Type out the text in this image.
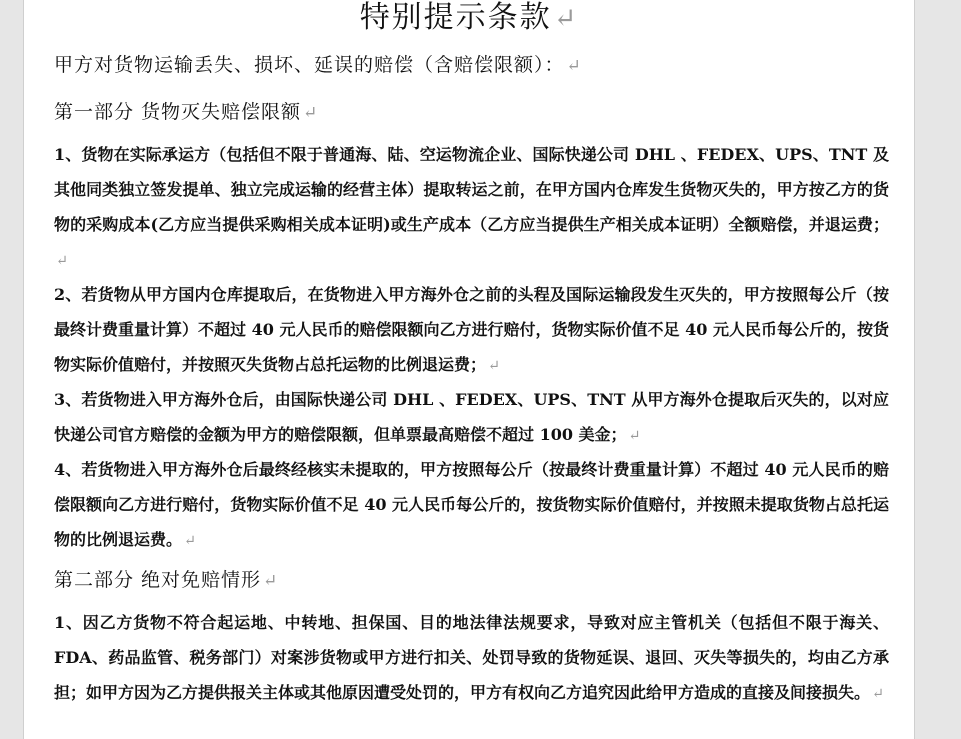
特别提示条款↵
甲方对货物运输丢失、损坏、延误的赔偿（含赔偿限额）： ↵
第一部分 货物灭失赔偿限额 ↵
1、货物在实际承运方（包括但不限于普通海、陆、空运物流企业、国际快递公司 DHL 、FEDEX、UPS、TNT 及其他同类独立签发提单、独立完成运输的经营主体）提取转运之前，在甲方国内仓库发生货物灭失的，甲方按乙方的货物的采购成本(乙方应当提供采购相关成本证明)或生产成本（乙方应当提供生产相关成本证明）全额赔偿，并退运费；↵
2、若货物从甲方国内仓库提取后，在货物进入甲方海外仓之前的头程及国际运输段发生灭失的，甲方按照每公斤（按最终计费重量计算）不超过 40 元人民币的赔偿限额向乙方进行赔付，货物实际价值不足 40 元人民币每公斤的，按货物实际价值赔付，并按照灭失货物占总托运物的比例退运费； ↵
3、若货物进入甲方海外仓后，由国际快递公司 DHL 、FEDEX、UPS、TNT 从甲方海外仓提取后灭失的，以对应快递公司官方赔偿的金额为甲方的赔偿限额，但单票最高赔偿不超过 100 美金； ↵
4、若货物进入甲方海外仓后最终经核实未提取的，甲方按照每公斤（按最终计费重量计算）不超过 40 元人民币的赔偿限额向乙方进行赔付，货物实际价值不足 40 元人民币每公斤的，按货物实际价值赔付，并按照未提取货物占总托运物的比例退运费。 ↵
第二部分 绝对免赔情形 ↵
1、因乙方货物不符合起运地、中转地、担保国、目的地法律法规要求，导致对应主管机关（包括但不限于海关、FDA、药品监管、税务部门）对案涉货物或甲方进行扣关、处罚导致的货物延误、退回、灭失等损失的，均由乙方承担；如甲方因为乙方提供报关主体或其他原因遭受处罚的，甲方有权向乙方追究因此给甲方造成的直接及间接损失。 ↵
